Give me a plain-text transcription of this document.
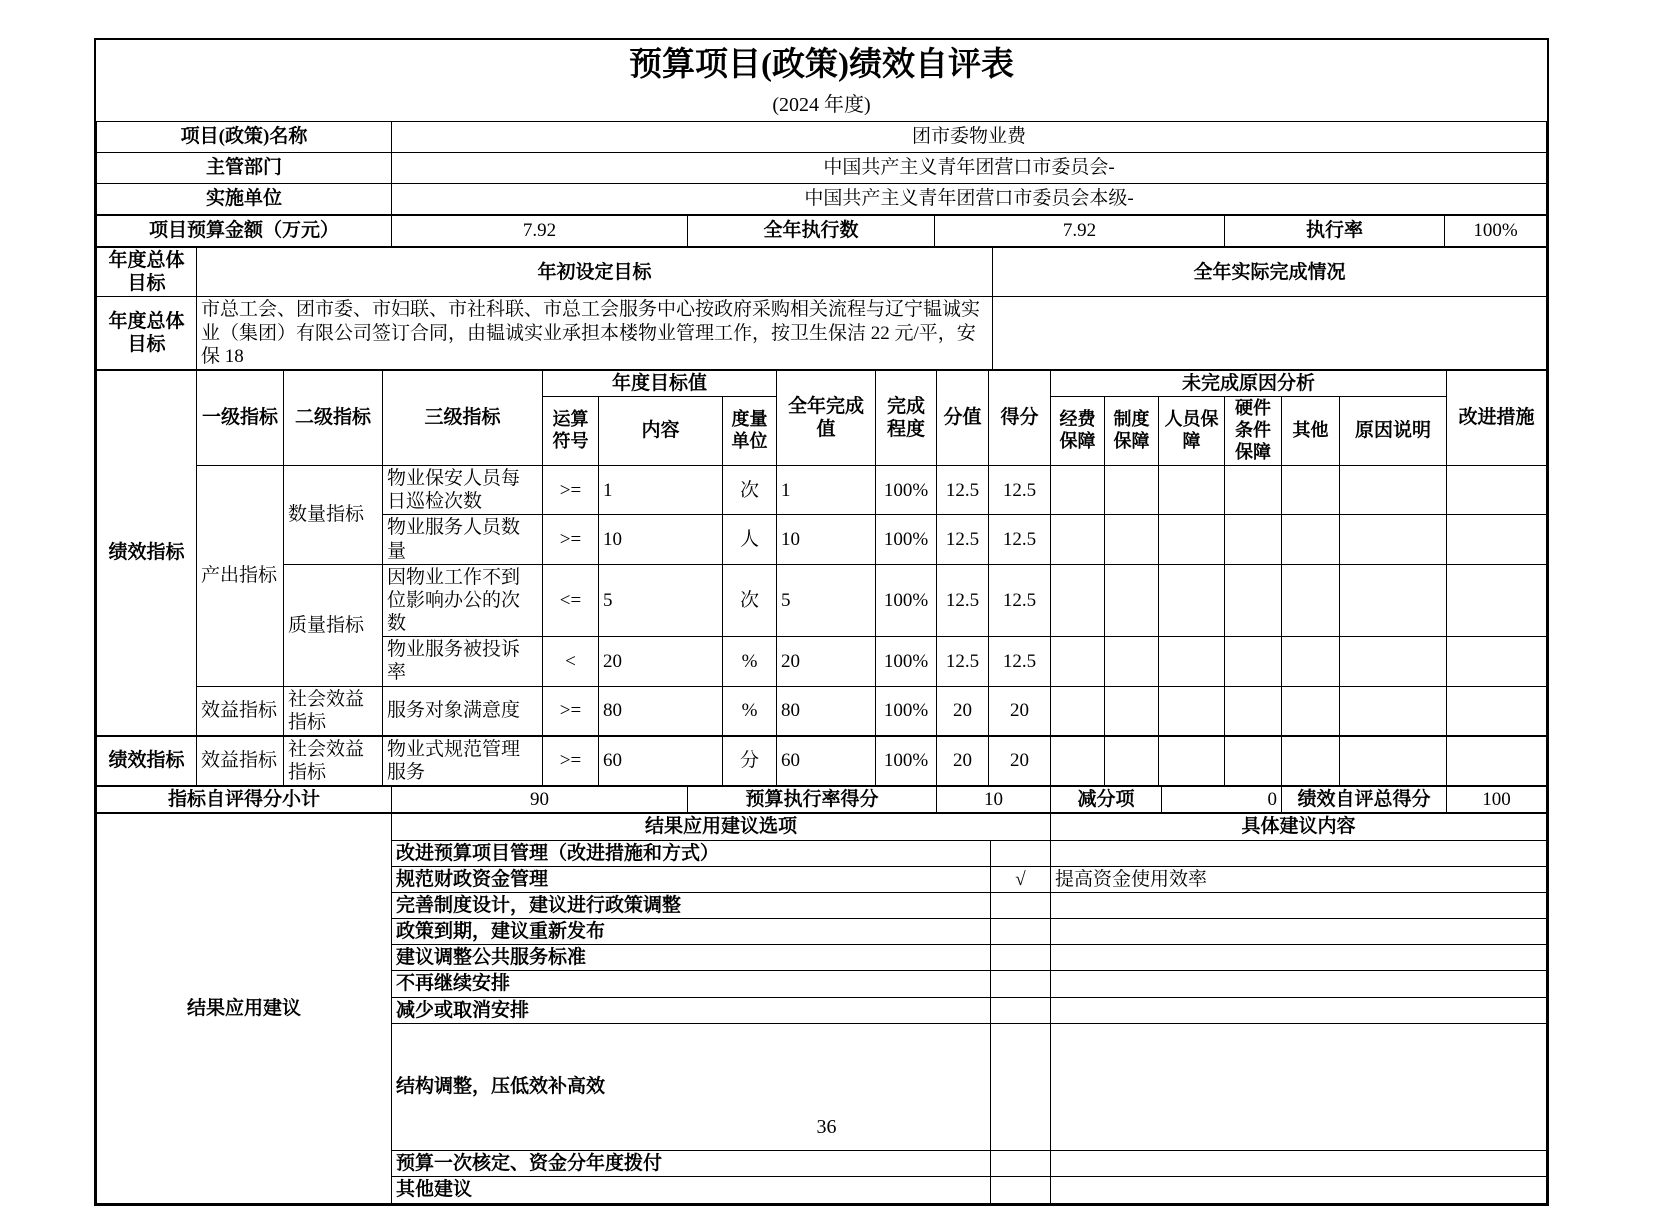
预算项目(政策)绩效自评表
(2024 年度)
项目(政策)名称	团市委物业费
主管部门	中国共产主义青年团营口市委员会-
实施单位	中国共产主义青年团营口市委员会本级-
项目预算金额（万元）	7.92	全年执行数	7.92	执行率	100%
年度总体目标	年初设定目标	全年实际完成情况
年度总体目标	市总工会、团市委、市妇联、市社科联、市总工会服务中心按政府采购相关流程与辽宁韫诚实业（集团）有限公司签订合同，由韫诚实业承担本楼物业管理工作，按卫生保洁 22 元/平，安保 18	
绩效指标	一级指标	二级指标	三级指标	年度目标值			全年完成值	完成程度	分值	得分	未完成原因分析						改进措施
				运算符号	内容	度量单位					经费保障	制度保障	人员保障	硬件条件保障	其他	原因说明	
	产出指标	数量指标	物业保安人员每日巡检次数	>=	1	次	1	100%	12.5	12.5							
			物业服务人员数量	>=	10	人	10	100%	12.5	12.5							
		质量指标	因物业工作不到位影响办公的次数	<=	5	次	5	100%	12.5	12.5							
			物业服务被投诉率	<	20	%	20	100%	12.5	12.5							
	效益指标	社会效益指标	服务对象满意度	>=	80	%	80	100%	20	20							
绩效指标	效益指标	社会效益指标	物业式规范管理服务	>=	60	分	60	100%	20	20							
指标自评得分小计	90	预算执行率得分	10	减分项	0	绩效自评总得分	100
结果应用建议	结果应用建议选项		具体建议内容
	改进预算项目管理（改进措施和方式）		
	规范财政资金管理	√	提高资金使用效率
	完善制度设计，建议进行政策调整		
	政策到期，建议重新发布		
	建议调整公共服务标准		
	不再继续安排		
	减少或取消安排		
	结构调整，压低效补高效		
	预算一次核定、资金分年度拨付		
	其他建议		
36
